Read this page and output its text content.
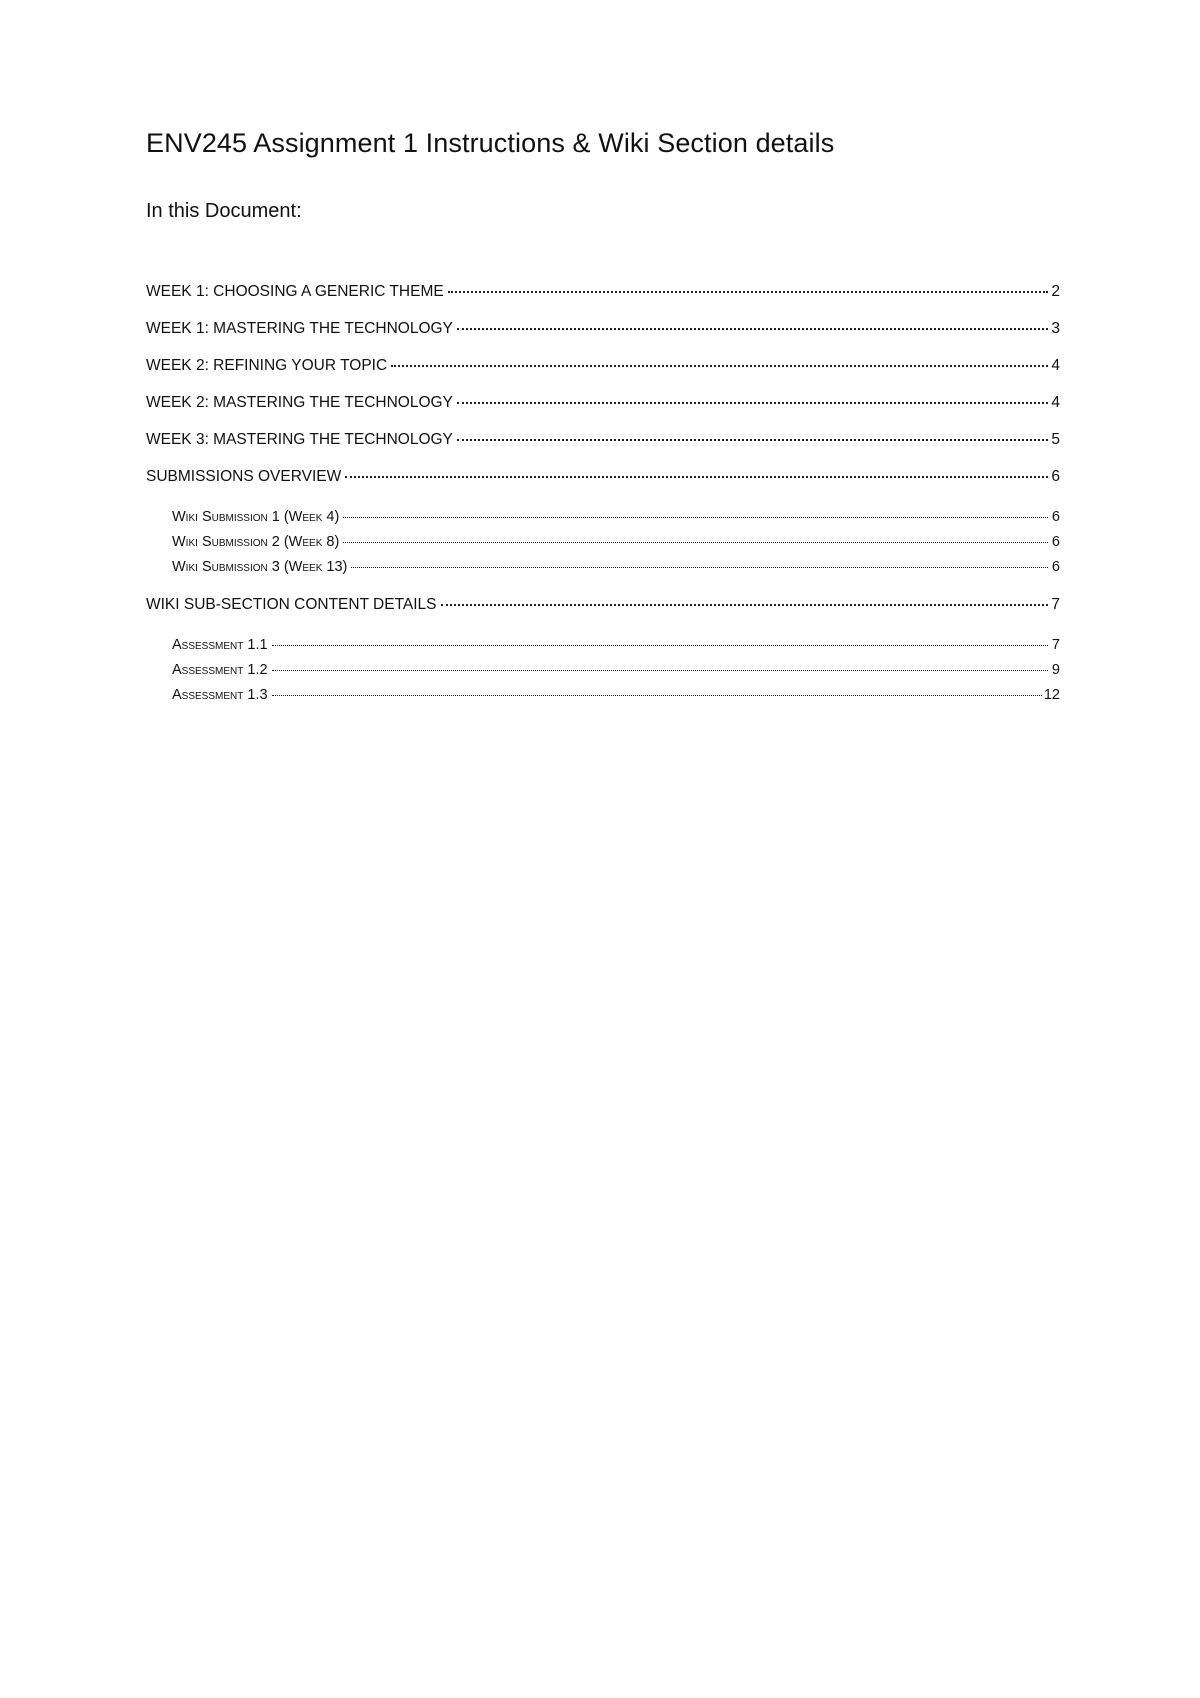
ENV245 Assignment 1 Instructions & Wiki Section details
In this Document:
WEEK 1: CHOOSING A GENERIC THEME	2
WEEK 1: MASTERING THE TECHNOLOGY	3
WEEK 2: REFINING YOUR TOPIC	4
WEEK 2: MASTERING THE TECHNOLOGY	4
WEEK 3: MASTERING THE TECHNOLOGY	5
SUBMISSIONS OVERVIEW	6
Wiki Submission 1 (Week 4)	6
Wiki Submission 2 (Week 8)	6
Wiki Submission 3 (Week 13)	6
WIKI SUB-SECTION CONTENT DETAILS	7
Assessment 1.1	7
Assessment 1.2	9
Assessment 1.3	12
